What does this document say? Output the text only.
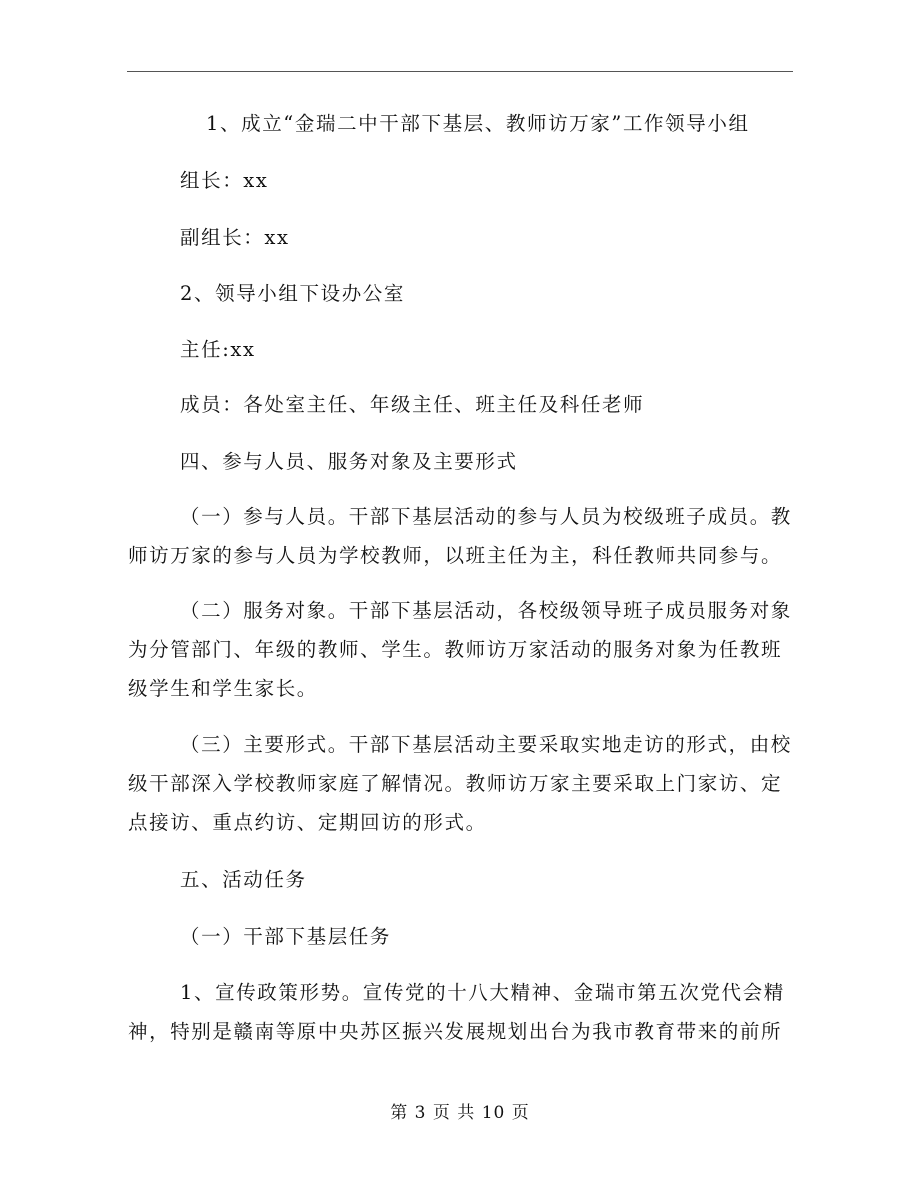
1、成立“金瑞二中干部下基层、教师访万家”工作领导小组

组长：xx

副组长：xx

2、领导小组下设办公室

主任:xx

成员：各处室主任、年级主任、班主任及科任老师

四、参与人员、服务对象及主要形式

（一）参与人员。干部下基层活动的参与人员为校级班子成员。教

师访万家的参与人员为学校教师，以班主任为主，科任教师共同参与。

（二）服务对象。干部下基层活动，各校级领导班子成员服务对象

为分管部门、年级的教师、学生。教师访万家活动的服务对象为任教班

级学生和学生家长。

（三）主要形式。干部下基层活动主要采取实地走访的形式，由校

级干部深入学校教师家庭了解情况。教师访万家主要采取上门家访、定

点接访、重点约访、定期回访的形式。

五、活动任务

（一）干部下基层任务

1、宣传政策形势。宣传党的十八大精神、金瑞市第五次党代会精

神，特别是赣南等原中央苏区振兴发展规划出台为我市教育带来的前所

第 3 页 共 10 页
